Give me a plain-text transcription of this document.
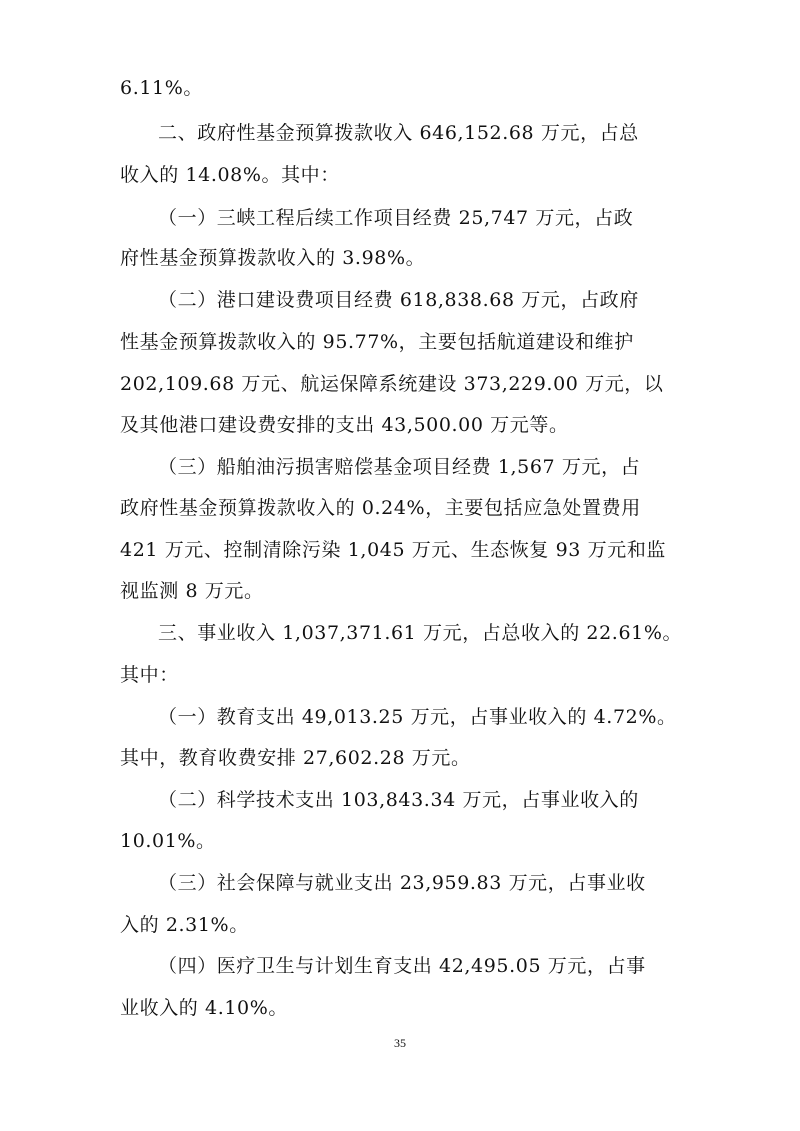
6.11%。
二、政府性基金预算拨款收入 646,152.68 万元，占总
收入的 14.08%。其中：
（一）三峡工程后续工作项目经费 25,747 万元，占政
府性基金预算拨款收入的 3.98%。
（二）港口建设费项目经费 618,838.68 万元，占政府
性基金预算拨款收入的 95.77%，主要包括航道建设和维护
202,109.68 万元、航运保障系统建设 373,229.00 万元，以
及其他港口建设费安排的支出 43,500.00 万元等。
（三）船舶油污损害赔偿基金项目经费 1,567 万元，占
政府性基金预算拨款收入的 0.24%，主要包括应急处置费用
421 万元、控制清除污染 1,045 万元、生态恢复 93 万元和监
视监测 8 万元。
三、事业收入 1,037,371.61 万元，占总收入的 22.61%。
其中：
（一）教育支出 49,013.25 万元，占事业收入的 4.72%。
其中，教育收费安排 27,602.28 万元。
（二）科学技术支出 103,843.34 万元，占事业收入的
10.01%。
（三）社会保障与就业支出 23,959.83 万元，占事业收
入的 2.31%。
（四）医疗卫生与计划生育支出 42,495.05 万元，占事
业收入的 4.10%。
35
